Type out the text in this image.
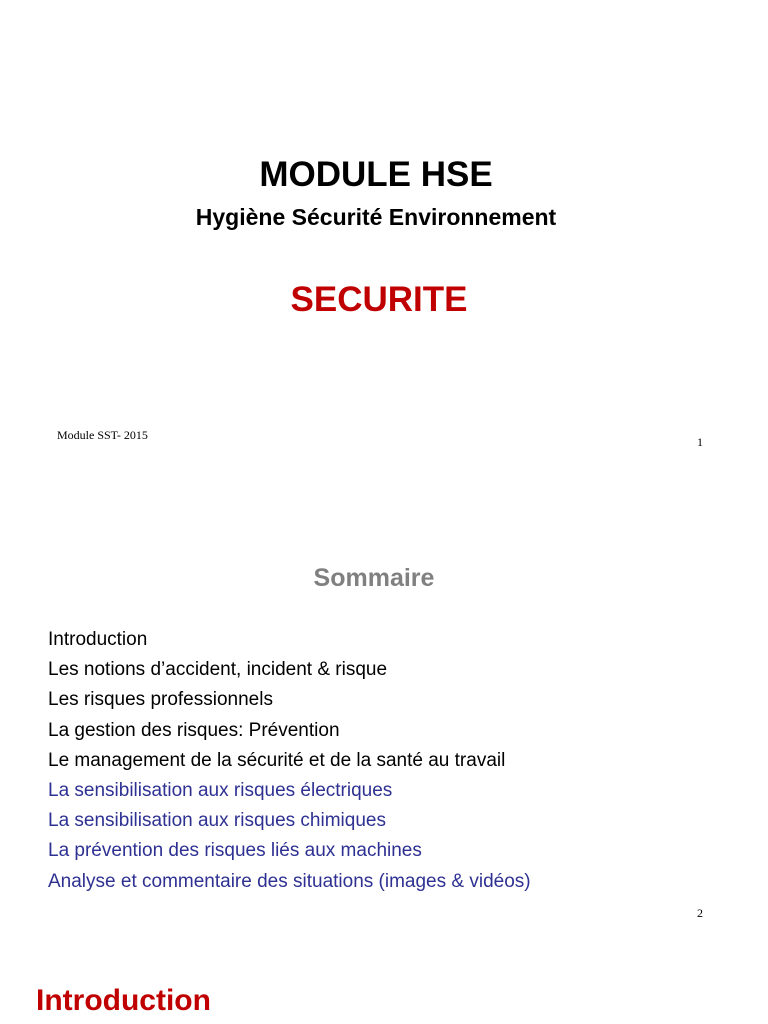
MODULE HSE
Hygiène Sécurité Environnement
SECURITE
Module SST- 2015	1
Sommaire
Introduction
Les notions d’accident, incident & risque
Les risques professionnels
La gestion des risques: Prévention
Le management de la sécurité et de la santé au travail
La sensibilisation aux risques électriques
La sensibilisation aux risques chimiques
La prévention des risques liés aux machines
Analyse et commentaire des situations (images & vidéos)
2
Introduction
